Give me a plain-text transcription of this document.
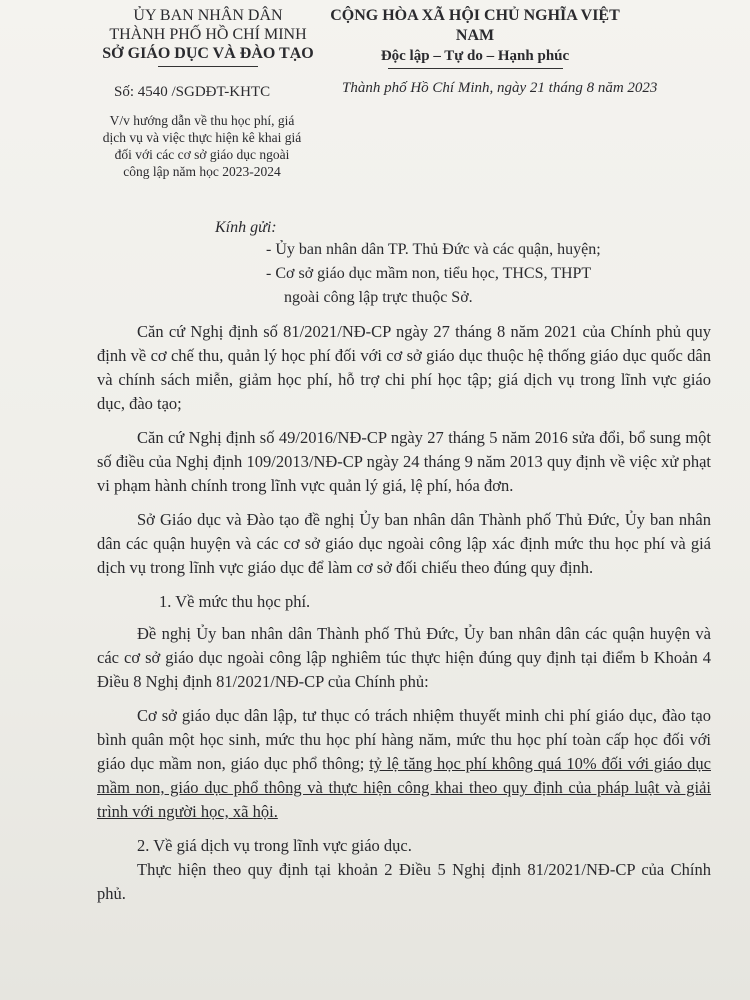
ỦY BAN NHÂN DÂN
THÀNH PHỐ HỒ CHÍ MINH
SỞ GIÁO DỤC VÀ ĐÀO TẠO
CỘNG HÒA XÃ HỘI CHỦ NGHĨA VIỆT NAM
Độc lập – Tự do – Hạnh phúc
Số: 4540 /SGDĐT-KHTC	Thành phố Hồ Chí Minh, ngày 21 tháng 8 năm 2023
V/v hướng dẫn về thu học phí, giá
dịch vụ và việc thực hiện kê khai giá
đối với các cơ sở giáo dục ngoài
công lập năm học 2023-2024
Kính gửi:
- Ủy ban nhân dân TP. Thủ Đức và các quận, huyện;
- Cơ sở giáo dục mầm non, tiểu học, THCS, THPT
ngoài công lập trực thuộc Sở.

Căn cứ Nghị định số 81/2021/NĐ-CP ngày 27 tháng 8 năm 2021 của Chính phủ quy định về cơ chế thu, quản lý học phí đối với cơ sở giáo dục thuộc hệ thống giáo dục quốc dân và chính sách miễn, giảm học phí, hỗ trợ chi phí học tập; giá dịch vụ trong lĩnh vực giáo dục, đào tạo;

Căn cứ Nghị định số 49/2016/NĐ-CP ngày 27 tháng 5 năm 2016 sửa đổi, bổ sung một số điều của Nghị định 109/2013/NĐ-CP ngày 24 tháng 9 năm 2013 quy định về việc xử phạt vi phạm hành chính trong lĩnh vực quản lý giá, lệ phí, hóa đơn.

Sở Giáo dục và Đào tạo đề nghị Ủy ban nhân dân Thành phố Thủ Đức, Ủy ban nhân dân các quận huyện và các cơ sở giáo dục ngoài công lập xác định mức thu học phí và giá dịch vụ trong lĩnh vực giáo dục để làm cơ sở đối chiếu theo đúng quy định.

1. Về mức thu học phí.

Đề nghị Ủy ban nhân dân Thành phố Thủ Đức, Ủy ban nhân dân các quận huyện và các cơ sở giáo dục ngoài công lập nghiêm túc thực hiện đúng quy định tại điểm b Khoản 4 Điều 8 Nghị định 81/2021/NĐ-CP của Chính phủ:

Cơ sở giáo dục dân lập, tư thục có trách nhiệm thuyết minh chi phí giáo dục, đào tạo bình quân một học sinh, mức thu học phí hàng năm, mức thu học phí toàn cấp học đối với giáo dục mầm non, giáo dục phổ thông; tỷ lệ tăng học phí không quá 10% đối với giáo dục mầm non, giáo dục phổ thông và thực hiện công khai theo quy định của pháp luật và giải trình với người học, xã hội.

2. Về giá dịch vụ trong lĩnh vực giáo dục.

Thực hiện theo quy định tại khoản 2 Điều 5 Nghị định 81/2021/NĐ-CP của Chính phủ.
